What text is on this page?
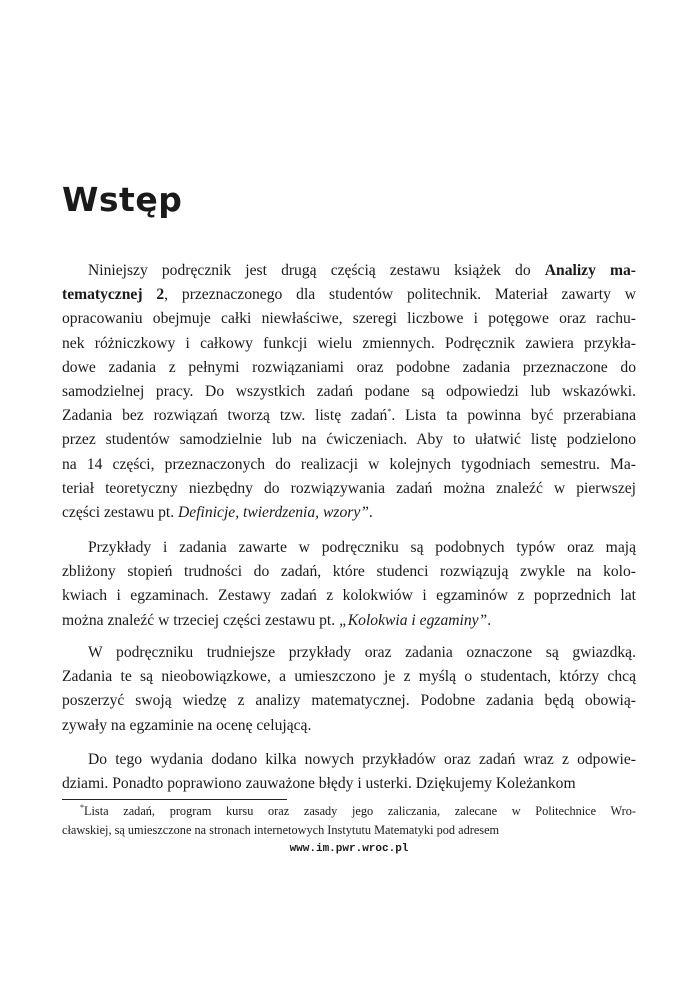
Wstęp
Niniejszy podręcznik jest drugą częścią zestawu książek do Analizy ma-
tematycznej 2, przeznaczonego dla studentów politechnik. Materiał zawarty w
opracowaniu obejmuje całki niewłaściwe, szeregi liczbowe i potęgowe oraz rachu-
nek różniczkowy i całkowy funkcji wielu zmiennych. Podręcznik zawiera przykła-
dowe zadania z pełnymi rozwiązaniami oraz podobne zadania przeznaczone do
samodzielnej pracy. Do wszystkich zadań podane są odpowiedzi lub wskazówki.
Zadania bez rozwiązań tworzą tzw. listę zadań*. Lista ta powinna być przerabiana
przez studentów samodzielnie lub na ćwiczeniach. Aby to ułatwić listę podzielono
na 14 części, przeznaczonych do realizacji w kolejnych tygodniach semestru. Ma-
teriał teoretyczny niezbędny do rozwiązywania zadań można znaleźć w pierwszej
części zestawu pt. Definicje, twierdzenia, wzory”.
Przykłady i zadania zawarte w podręczniku są podobnych typów oraz mają
zbliżony stopień trudności do zadań, które studenci rozwiązują zwykle na kolo-
kwiach i egzaminach. Zestawy zadań z kolokwiów i egzaminów z poprzednich lat
można znaleźć w trzeciej części zestawu pt. „Kolokwia i egzaminy”.
W podręczniku trudniejsze przykłady oraz zadania oznaczone są gwiazdką.
Zadania te są nieobowiązkowe, a umieszczono je z myślą o studentach, którzy chcą
poszerzyć swoją wiedzę z analizy matematycznej. Podobne zadania będą obowią-
zywały na egzaminie na ocenę celującą.
Do tego wydania dodano kilka nowych przykładów oraz zadań wraz z odpowie-
dziami. Ponadto poprawiono zauważone błędy i usterki. Dziękujemy Koleżankom
*Lista zadań, program kursu oraz zasady jego zaliczania, zalecane w Politechnice Wro-
cławskiej, są umieszczone na stronach internetowych Instytutu Matematyki pod adresem
www.im.pwr.wroc.pl
